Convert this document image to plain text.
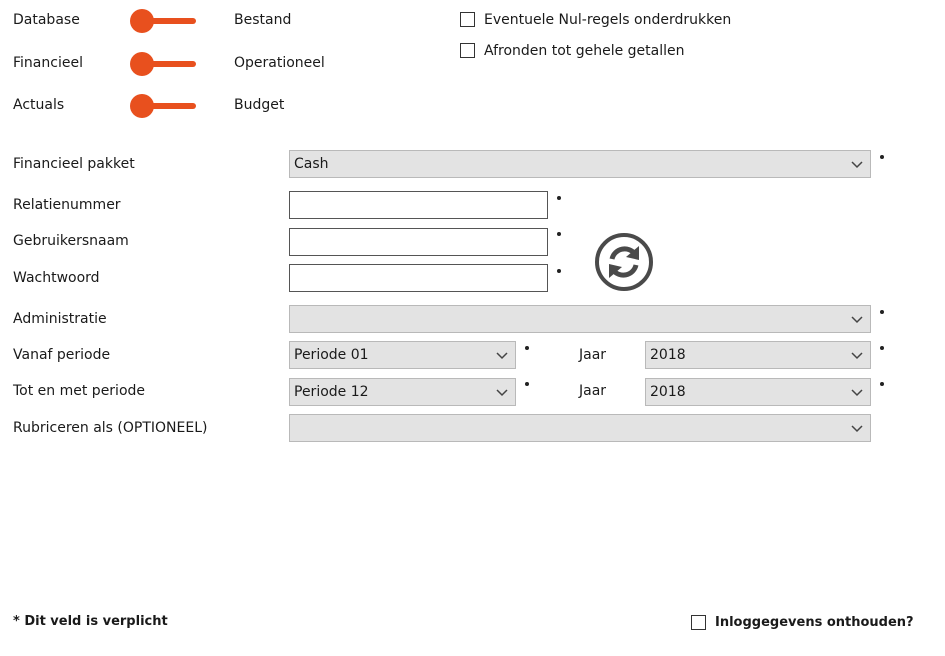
Database	Bestand
Financieel	Operationeel
Actuals	Budget
Eventuele Nul-regels onderdrukken
Afronden tot gehele getallen
Financieel pakket	Cash
Relatienummer
Gebruikersnaam
Wachtwoord
Administratie
Vanaf periode	Periode 01	Jaar	2018
Tot en met periode	Periode 12	Jaar	2018
Rubriceren als (OPTIONEEL)
* Dit veld is verplicht	Inloggegevens onthouden?
